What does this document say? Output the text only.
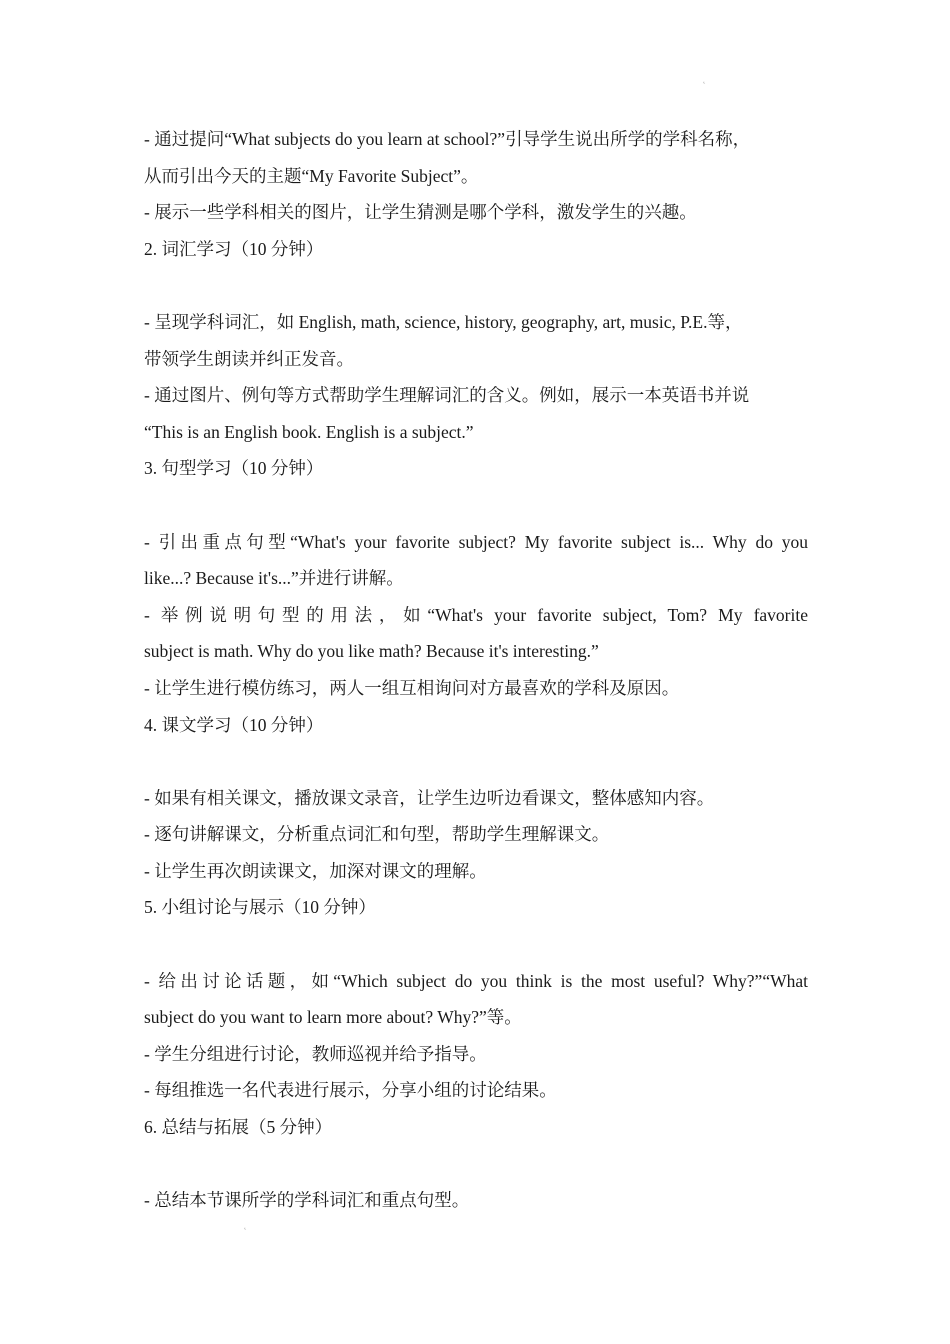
˛
- 通过提问“What subjects do you learn at school?”引导学生说出所学的学科名称，
从而引出今天的主题“My Favorite Subject”。
- 展示一些学科相关的图片，让学生猜测是哪个学科，激发学生的兴趣。
2. 词汇学习（10 分钟）
- 呈现学科词汇，如 English, math, science, history, geography, art, music, P.E.等，
带领学生朗读并纠正发音。
- 通过图片、例句等方式帮助学生理解词汇的含义。例如，展示一本英语书并说
“This is an English book. English is a subject.”
3. 句型学习（10 分钟）
- 引出重点句型“What's your favorite subject? My favorite subject is... Why do you
like...? Because it's...”并进行讲解。
- 举例说明句型的用法，如“What's your favorite subject, Tom? My favorite
subject is math. Why do you like math? Because it's interesting.”
- 让学生进行模仿练习，两人一组互相询问对方最喜欢的学科及原因。
4. 课文学习（10 分钟）
- 如果有相关课文，播放课文录音，让学生边听边看课文，整体感知内容。
- 逐句讲解课文，分析重点词汇和句型，帮助学生理解课文。
- 让学生再次朗读课文，加深对课文的理解。
5. 小组讨论与展示（10 分钟）
- 给出讨论话题，如“Which subject do you think is the most useful? Why?”“What
subject do you want to learn more about? Why?”等。
- 学生分组进行讨论，教师巡视并给予指导。
- 每组推选一名代表进行展示，分享小组的讨论结果。
6. 总结与拓展（5 分钟）
- 总结本节课所学的学科词汇和重点句型。
˛
